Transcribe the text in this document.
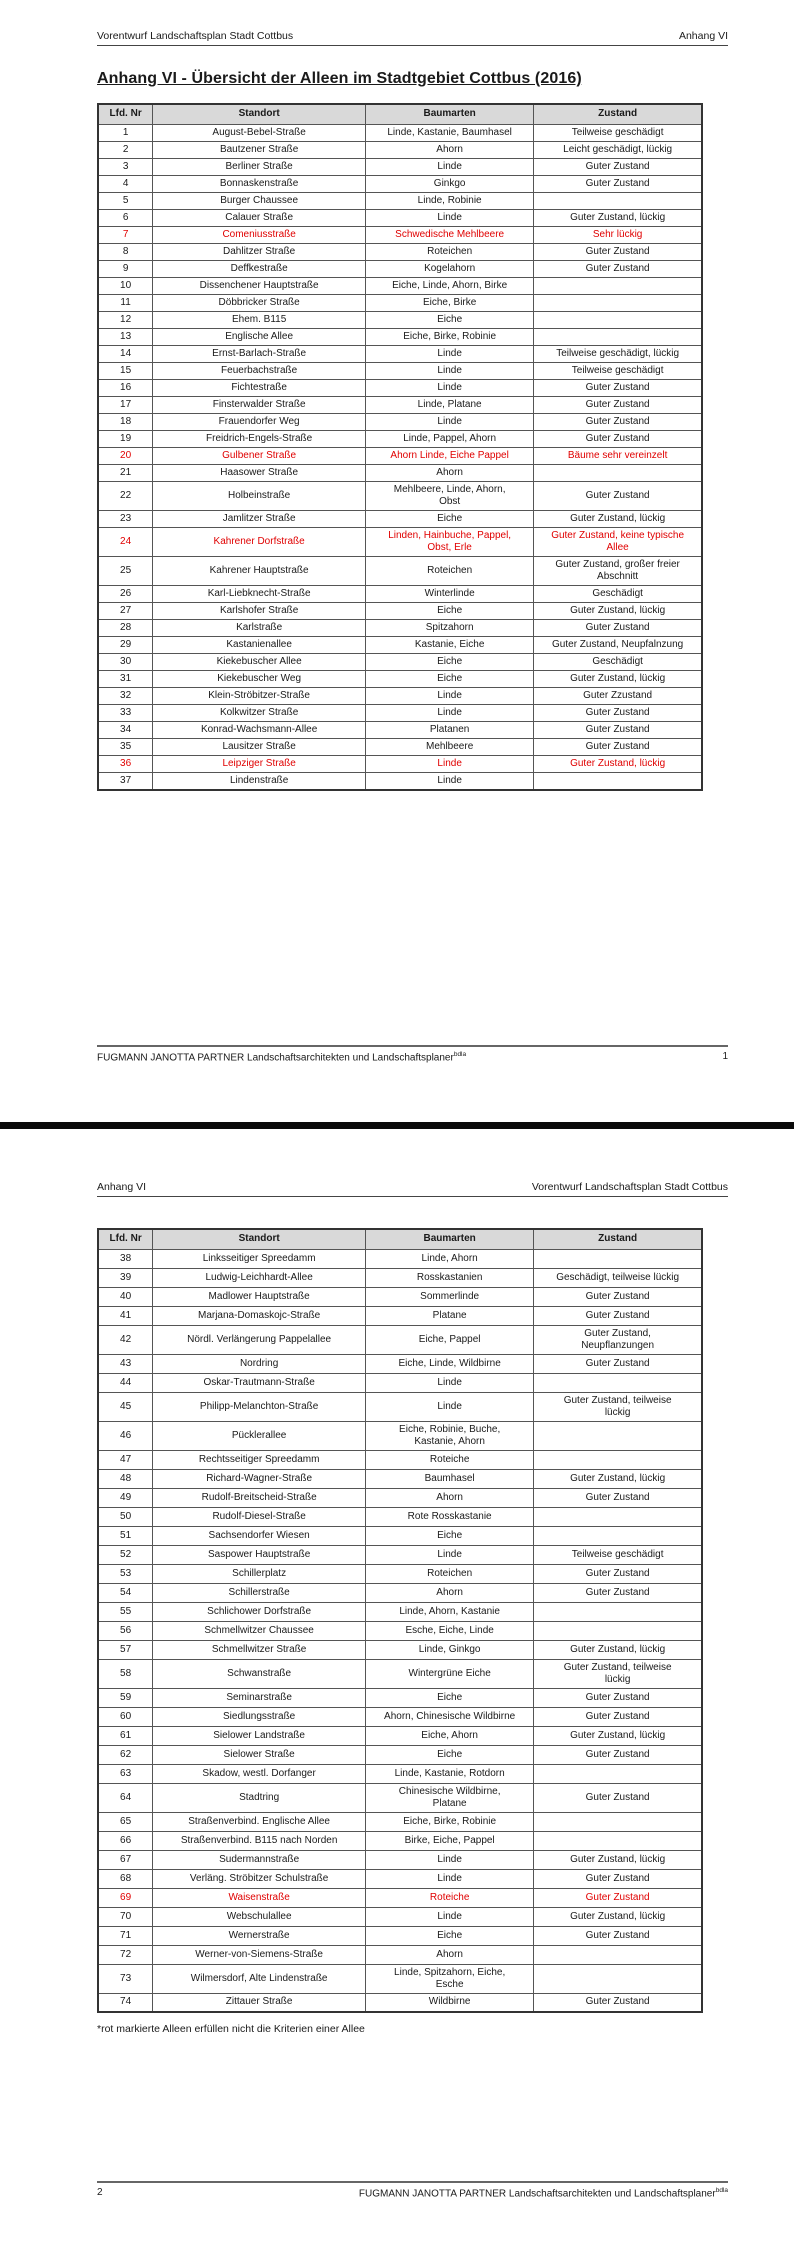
Vorentwurf Landschaftsplan Stadt Cottbus	Anhang VI
Anhang VI - Übersicht der Alleen im Stadtgebiet Cottbus (2016)
Lfd. Nr	Standort	Baumarten	Zustand
1	August-Bebel-Straße	Linde, Kastanie, Baumhasel	Teilweise geschädigt
2	Bautzener Straße	Ahorn	Leicht geschädigt, lückig
3	Berliner Straße	Linde	Guter Zustand
4	Bonnaskenstraße	Ginkgo	Guter Zustand
5	Burger Chaussee	Linde, Robinie	
6	Calauer Straße	Linde	Guter Zustand, lückig
7	Comeniusstraße	Schwedische Mehlbeere	Sehr lückig
8	Dahlitzer Straße	Roteichen	Guter Zustand
9	Deffkestraße	Kogelahorn	Guter Zustand
10	Dissenchener Hauptstraße	Eiche, Linde, Ahorn, Birke	
11	Döbbricker Straße	Eiche, Birke	
12	Ehem. B115	Eiche	
13	Englische Allee	Eiche, Birke, Robinie	
14	Ernst-Barlach-Straße	Linde	Teilweise geschädigt, lückig
15	Feuerbachstraße	Linde	Teilweise geschädigt
16	Fichtestraße	Linde	Guter Zustand
17	Finsterwalder Straße	Linde, Platane	Guter Zustand
18	Frauendorfer Weg	Linde	Guter Zustand
19	Freidrich-Engels-Straße	Linde, Pappel, Ahorn	Guter Zustand
20	Gulbener Straße	Ahorn Linde, Eiche Pappel	Bäume sehr vereinzelt
21	Haasower Straße	Ahorn	
22	Holbeinstraße	Mehlbeere, Linde, Ahorn, Obst	Guter Zustand
23	Jamlitzer Straße	Eiche	Guter Zustand, lückig
24	Kahrener Dorfstraße	Linden, Hainbuche, Pappel, Obst, Erle	Guter Zustand, keine typische Allee
25	Kahrener Hauptstraße	Roteichen	Guter Zustand, großer freier Abschnitt
26	Karl-Liebknecht-Straße	Winterlinde	Geschädigt
27	Karlshofer Straße	Eiche	Guter Zustand, lückig
28	Karlstraße	Spitzahorn	Guter Zustand
29	Kastanienallee	Kastanie, Eiche	Guter Zustand, Neupfalnzung
30	Kiekebuscher Allee	Eiche	Geschädigt
31	Kiekebuscher Weg	Eiche	Guter Zustand, lückig
32	Klein-Ströbitzer-Straße	Linde	Guter Zzustand
33	Kolkwitzer Straße	Linde	Guter Zustand
34	Konrad-Wachsmann-Allee	Platanen	Guter Zustand
35	Lausitzer Straße	Mehlbeere	Guter Zustand
36	Leipziger Straße	Linde	Guter Zustand, lückig
37	Lindenstraße	Linde	
FUGMANN JANOTTA PARTNER Landschaftsarchitekten und Landschaftsplaner$^{bdla}$	1
Anhang VI	Vorentwurf Landschaftsplan Stadt Cottbus
Lfd. Nr	Standort	Baumarten	Zustand
38	Linksseitiger Spreedamm	Linde, Ahorn	
39	Ludwig-Leichhardt-Allee	Rosskastanien	Geschädigt, teilweise lückig
40	Madlower Hauptstraße	Sommerlinde	Guter Zustand
41	Marjana-Domaskojc-Straße	Platane	Guter Zustand
42	Nördl. Verlängerung Pappelallee	Eiche, Pappel	Guter Zustand, Neupflanzungen
43	Nordring	Eiche, Linde, Wildbirne	Guter Zustand
44	Oskar-Trautmann-Straße	Linde	
45	Philipp-Melanchton-Straße	Linde	Guter Zustand, teilweise lückig
46	Pücklerallee	Eiche, Robinie, Buche, Kastanie, Ahorn	
47	Rechtsseitiger Spreedamm	Roteiche	
48	Richard-Wagner-Straße	Baumhasel	Guter Zustand, lückig
49	Rudolf-Breitscheid-Straße	Ahorn	Guter Zustand
50	Rudolf-Diesel-Straße	Rote Rosskastanie	
51	Sachsendorfer Wiesen	Eiche	
52	Saspower Hauptstraße	Linde	Teilweise geschädigt
53	Schillerplatz	Roteichen	Guter Zustand
54	Schillerstraße	Ahorn	Guter Zustand
55	Schlichower Dorfstraße	Linde, Ahorn, Kastanie	
56	Schmellwitzer Chaussee	Esche, Eiche, Linde	
57	Schmellwitzer Straße	Linde, Ginkgo	Guter Zustand, lückig
58	Schwanstraße	Wintergrüne Eiche	Guter Zustand, teilweise lückig
59	Seminarstraße	Eiche	Guter Zustand
60	Siedlungsstraße	Ahorn, Chinesische Wildbirne	Guter Zustand
61	Sielower Landstraße	Eiche, Ahorn	Guter Zustand, lückig
62	Sielower Straße	Eiche	Guter Zustand
63	Skadow, westl. Dorfanger	Linde, Kastanie, Rotdorn	
64	Stadtring	Chinesische Wildbirne, Platane	Guter Zustand
65	Straßenverbind. Englische Allee	Eiche, Birke, Robinie	
66	Straßenverbind. B115 nach Norden	Birke, Eiche, Pappel	
67	Sudermannstraße	Linde	Guter Zustand, lückig
68	Verläng. Ströbitzer Schulstraße	Linde	Guter Zustand
69	Waisenstraße	Roteiche	Guter Zustand
70	Webschulallee	Linde	Guter Zustand, lückig
71	Wernerstraße	Eiche	Guter Zustand
72	Werner-von-Siemens-Straße	Ahorn	
73	Wilmersdorf, Alte Lindenstraße	Linde, Spitzahorn, Eiche, Esche	
74	Zittauer Straße	Wildbirne	Guter Zustand
*rot markierte Alleen erfüllen nicht die Kriterien einer Allee
2	FUGMANN JANOTTA PARTNER Landschaftsarchitekten und Landschaftsplaner$^{bdla}$
